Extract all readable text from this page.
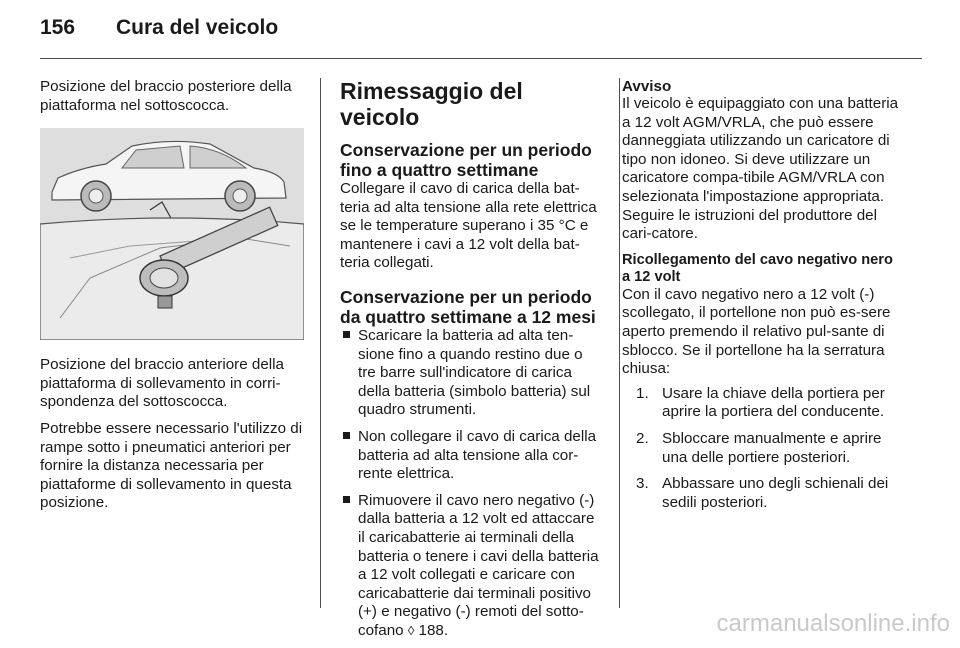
156	Cura del veicolo

Posizione del braccio posteriore della piattaforma nel sottoscocca.

Posizione del braccio anteriore della piattaforma di sollevamento in corri-spondenza del sottoscocca.

Potrebbe essere necessario l'utilizzo di rampe sotto i pneumatici anteriori per fornire la distanza necessaria per piattaforme di sollevamento in questa posizione.

Rimessaggio del veicolo
Conservazione per un periodo fino a quattro settimane

Collegare il cavo di carica della bat-teria ad alta tensione alla rete elettrica se le temperature superano i 35 °C e mantenere i cavi a 12 volt della bat-teria collegati.

Conservazione per un periodo da quattro settimane a 12 mesi
Scaricare la batteria ad alta ten-sione fino a quando restino due o tre barre sull'indicatore di carica della batteria (simbolo batteria) sul quadro strumenti.
Non collegare il cavo di carica della batteria ad alta tensione alla cor-rente elettrica.
Rimuovere il cavo nero negativo (-) dalla batteria a 12 volt ed attaccare il caricabatterie ai terminali della batteria o tenere i cavi della batteria a 12 volt collegati e caricare con caricabatterie dai terminali positivo (+) e negativo (-) remoti del sotto-cofano ◊ 188.
Avviso

Il veicolo è equipaggiato con una batteria a 12 volt AGM/VRLA, che può essere danneggiata utilizzando un caricatore di tipo non idoneo. Si deve utilizzare un caricatore compa-tibile AGM/VRLA con selezionata l'impostazione appropriata. Seguire le istruzioni del produttore del cari-catore.

Ricollegamento del cavo negativo nero a 12 volt

Con il cavo negativo nero a 12 volt (-) scollegato, il portellone non può es-sere aperto premendo il relativo pul-sante di sblocco. Se il portellone ha la serratura chiusa:

1. Usare la chiave della portiera per aprire la portiera del conducente.
2. Sbloccare manualmente e aprire una delle portiere posteriori.
3. Abbassare uno degli schienali dei sedili posteriori.
carmanualsonline.info
